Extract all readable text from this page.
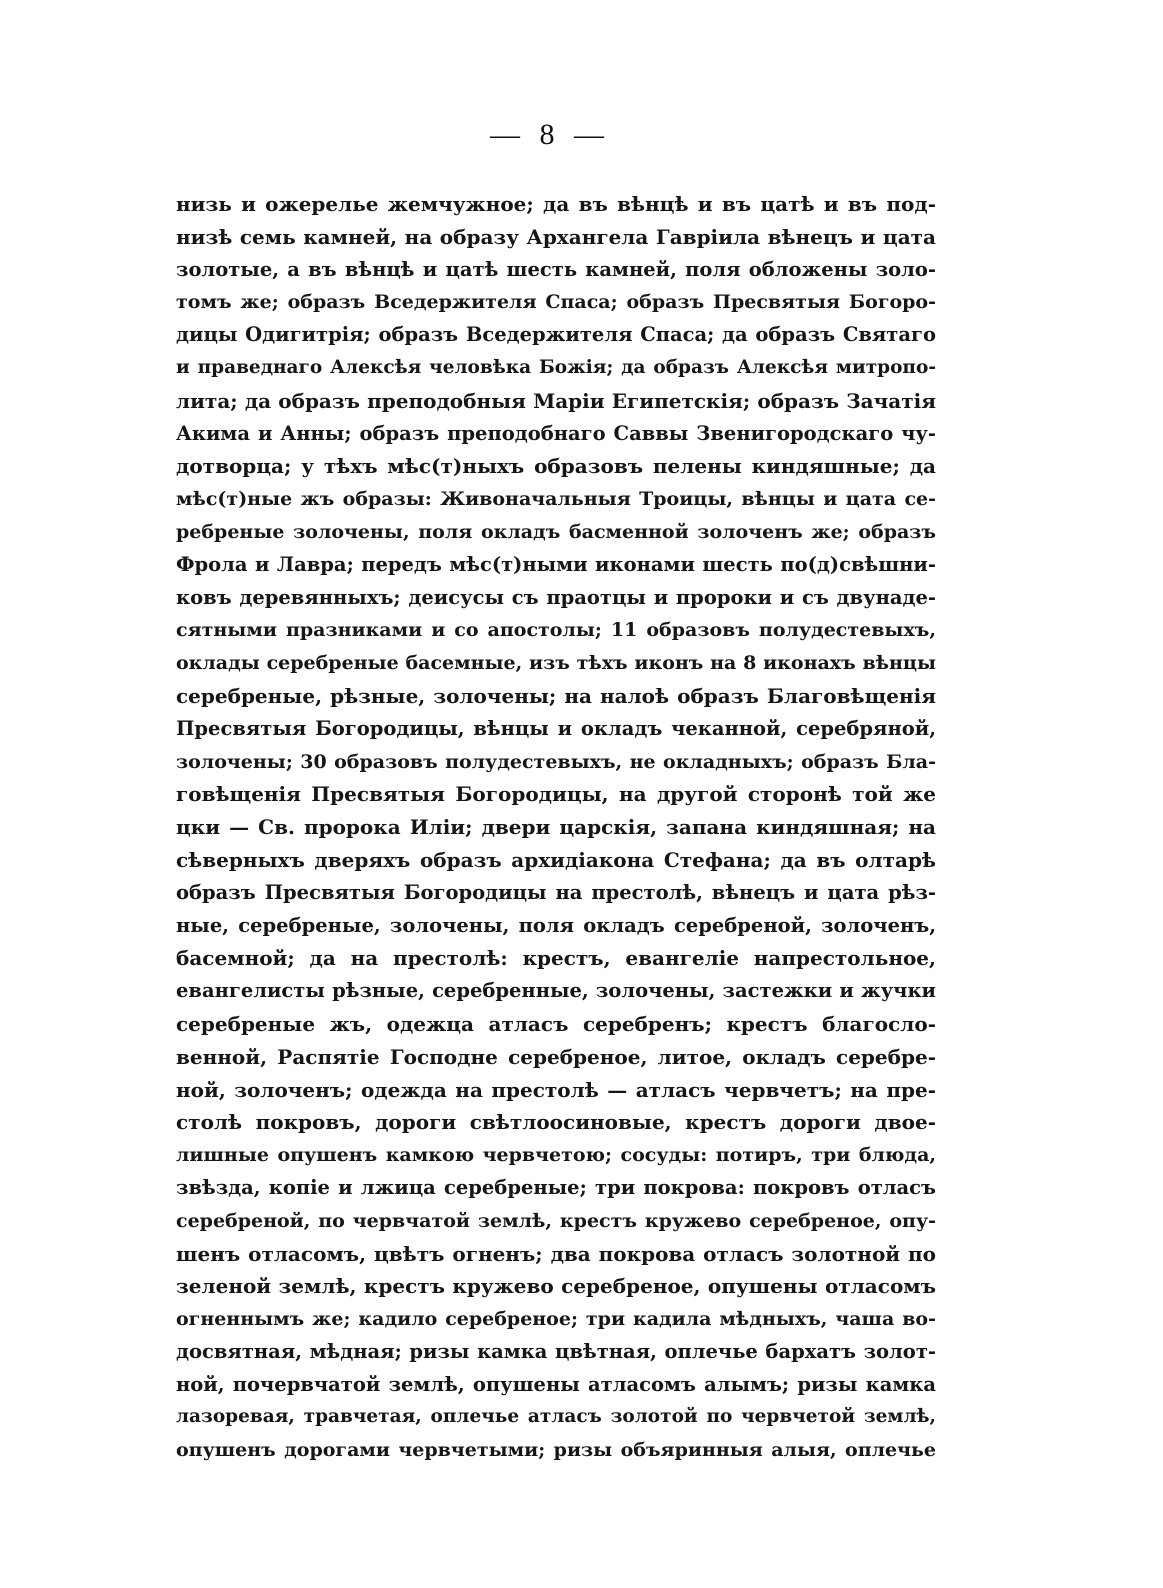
— 8 —
низь и ожерелье жемчужное; да въ вѣнцѣ и въ цатѣ и въ под-
низѣ семь камней, на образу Архангела Гавріила вѣнецъ и цата
золотые, а въ вѣнцѣ и цатѣ шесть камней, поля обложены золо-
томъ же; образъ Вседержителя Спаса; образъ Пресвятыя Богоро-
дицы Одигитрія; образъ Вседержителя Спаса; да образъ Святаго
и праведнаго Алексѣя человѣка Божія; да образъ Алексѣя митропо-
лита; да образъ преподобныя Маріи Египетскія; образъ Зачатія
Акима и Анны; образъ преподобнаго Саввы Звенигородскаго чу-
дотворца; у тѣхъ мѣс(т)ныхъ образовъ пелены киндяшные; да
мѣс(т)ные жъ образы: Живоначальныя Троицы, вѣнцы и цата се-
ребреные золочены, поля окладъ басменной золоченъ же; образъ
Фрола и Лавра; передъ мѣс(т)ными иконами шесть по(д)свѣшни-
ковъ деревянныхъ; деисусы съ праотцы и пророки и съ двунаде-
сятными празниками и со апостолы; 11 образовъ полудестевыхъ,
оклады серебреные басемные, изъ тѣхъ иконъ на 8 иконахъ вѣнцы
серебреные, рѣзные, золочены; на налоѣ образъ Благовѣщенія
Пресвятыя Богородицы, вѣнцы и окладъ чеканной, серебряной,
золочены; 30 образовъ полудестевыхъ, не окладныхъ; образъ Бла-
говѣщенія Пресвятыя Богородицы, на другой сторонѣ той же
цки — Св. пророка Иліи; двери царскія, запана киндяшная; на
сѣверныхъ дверяхъ образъ архидіакона Стефана; да въ олтарѣ
образъ Пресвятыя Богородицы на престолѣ, вѣнецъ и цата рѣз-
ные, серебреные, золочены, поля окладъ серебреной, золоченъ,
басемной; да на престолѣ: крестъ, евангеліе напрестольное,
евангелисты рѣзные, серебренные, золочены, застежки и жучки
серебреные жъ, одежца атласъ серебренъ; крестъ благосло-
венной, Распятіе Господне серебреное, литое, окладъ серебре-
ной, золоченъ; одежда на престолѣ — атласъ червчетъ; на пре-
столѣ покровъ, дороги свѣтлоосиновые, крестъ дороги двое-
лишные опушенъ камкою червчетою; сосуды: потиръ, три блюда,
звѣзда, копіе и лжица серебреные; три покрова: покровъ отласъ
серебреной, по червчатой землѣ, крестъ кружево серебреное, опу-
шенъ отласомъ, цвѣтъ огненъ; два покрова отласъ золотной по
зеленой землѣ, крестъ кружево серебреное, опушены отласомъ
огненнымъ же; кадило серебреное; три кадила мѣдныхъ, чаша во-
досвятная, мѣдная; ризы камка цвѣтная, оплечье бархатъ золот-
ной, почервчатой землѣ, опушены атласомъ алымъ; ризы камка
лазоревая, травчетая, оплечье атласъ золотой по червчетой землѣ,
опушенъ дорогами червчетыми; ризы объяринныя алыя, оплечье
